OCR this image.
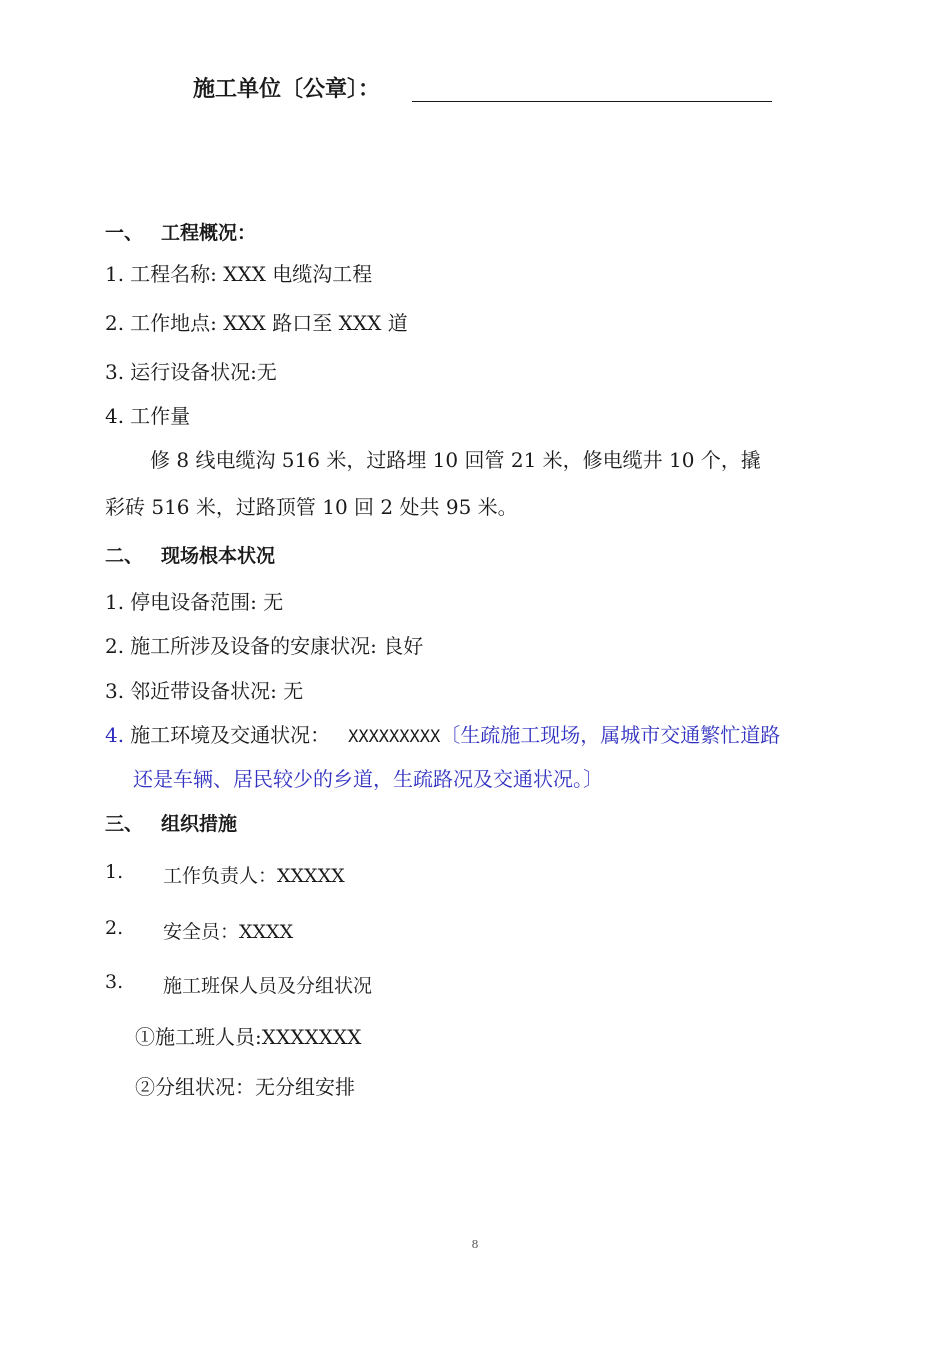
施工单位〔公章〕：
一、 工程概况：
1. 工程名称: XXX 电缆沟工程
2. 工作地点: XXX 路口至 XXX 道
3. 运行设备状况:无
4. 工作量
修 8 线电缆沟 516 米，过路埋 10 回管 21 米，修电缆井 10 个，撬
彩砖 516 米，过路顶管 10 回 2 处共 95 米。
二、 现场根本状况
1. 停电设备范围: 无
2. 施工所涉及设备的安康状况: 良好
3. 邻近带设备状况: 无
4. 施工环境及交通状况： XXXXXXXXX〔生疏施工现场，属城市交通繁忙道路
还是车辆、居民较少的乡道，生疏路况及交通状况。〕
三、 组织措施
1. 工作负责人：XXXXX
2. 安全员：XXXX
3. 施工班保人员及分组状况
①施工班人员:XXXXXXX
②分组状况：无分组安排
8
